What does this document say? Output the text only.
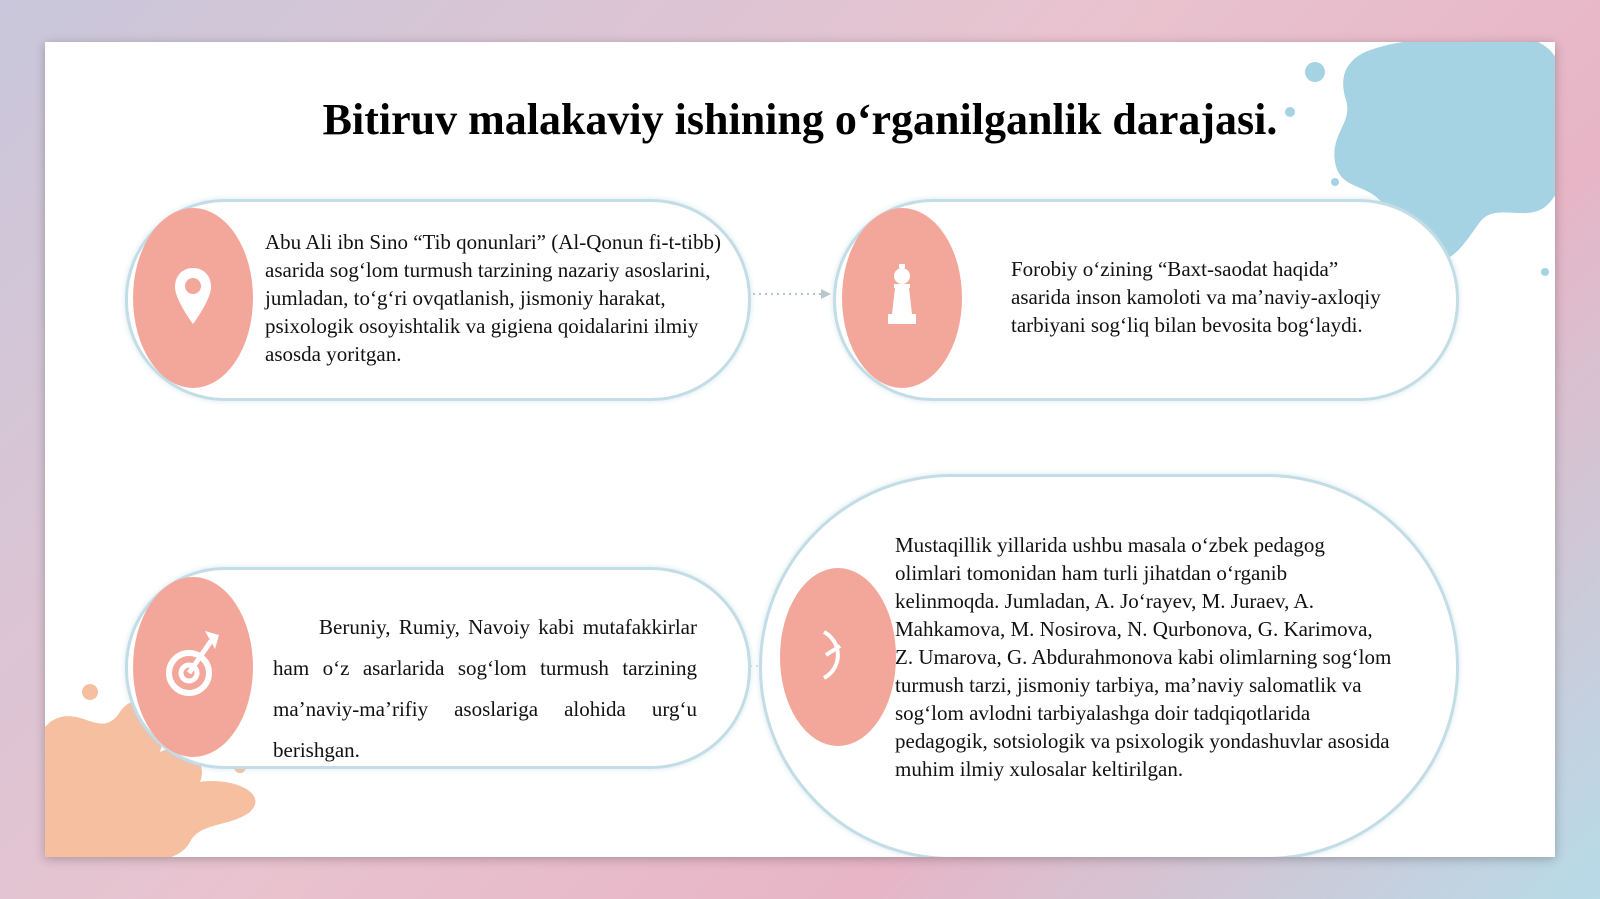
Bitiruv malakaviy ishining o‘rganilganlik darajasi.

Abu Ali ibn Sino “Tib qonunlari” (Al-Qonun fi-t-tibb) asarida sog‘lom turmush tarzining nazariy asoslarini, jumladan, to‘g‘ri ovqatlanish, jismoniy harakat, psixologik osoyishtalik va gigiena qoidalarini ilmiy asosda yoritgan.

Forobiy o‘zining “Baxt-saodat haqida” asarida inson kamoloti va ma’naviy-axloqiy tarbiyani sog‘liq bilan bevosita bog‘laydi.

Beruniy, Rumiy, Navoiy kabi mutafakkirlar ham o‘z asarlarida sog‘lom turmush tarzining ma’naviy-ma’rifiy asoslariga alohida urg‘u berishgan.

Mustaqillik yillarida ushbu masala o‘zbek pedagog olimlari tomonidan ham turli jihatdan o‘rganib kelinmoqda. Jumladan, A. Jo‘rayev, M. Juraev, A. Mahkamova, M. Nosirova, N. Qurbonova, G. Karimova, Z. Umarova, G. Abdurahmonova kabi olimlarning sog‘lom turmush tarzi, jismoniy tarbiya, ma’naviy salomatlik va sog‘lom avlodni tarbiyalashga doir tadqiqotlarida pedagogik, sotsiologik va psixologik yondashuvlar asosida muhim ilmiy xulosalar keltirilgan.
